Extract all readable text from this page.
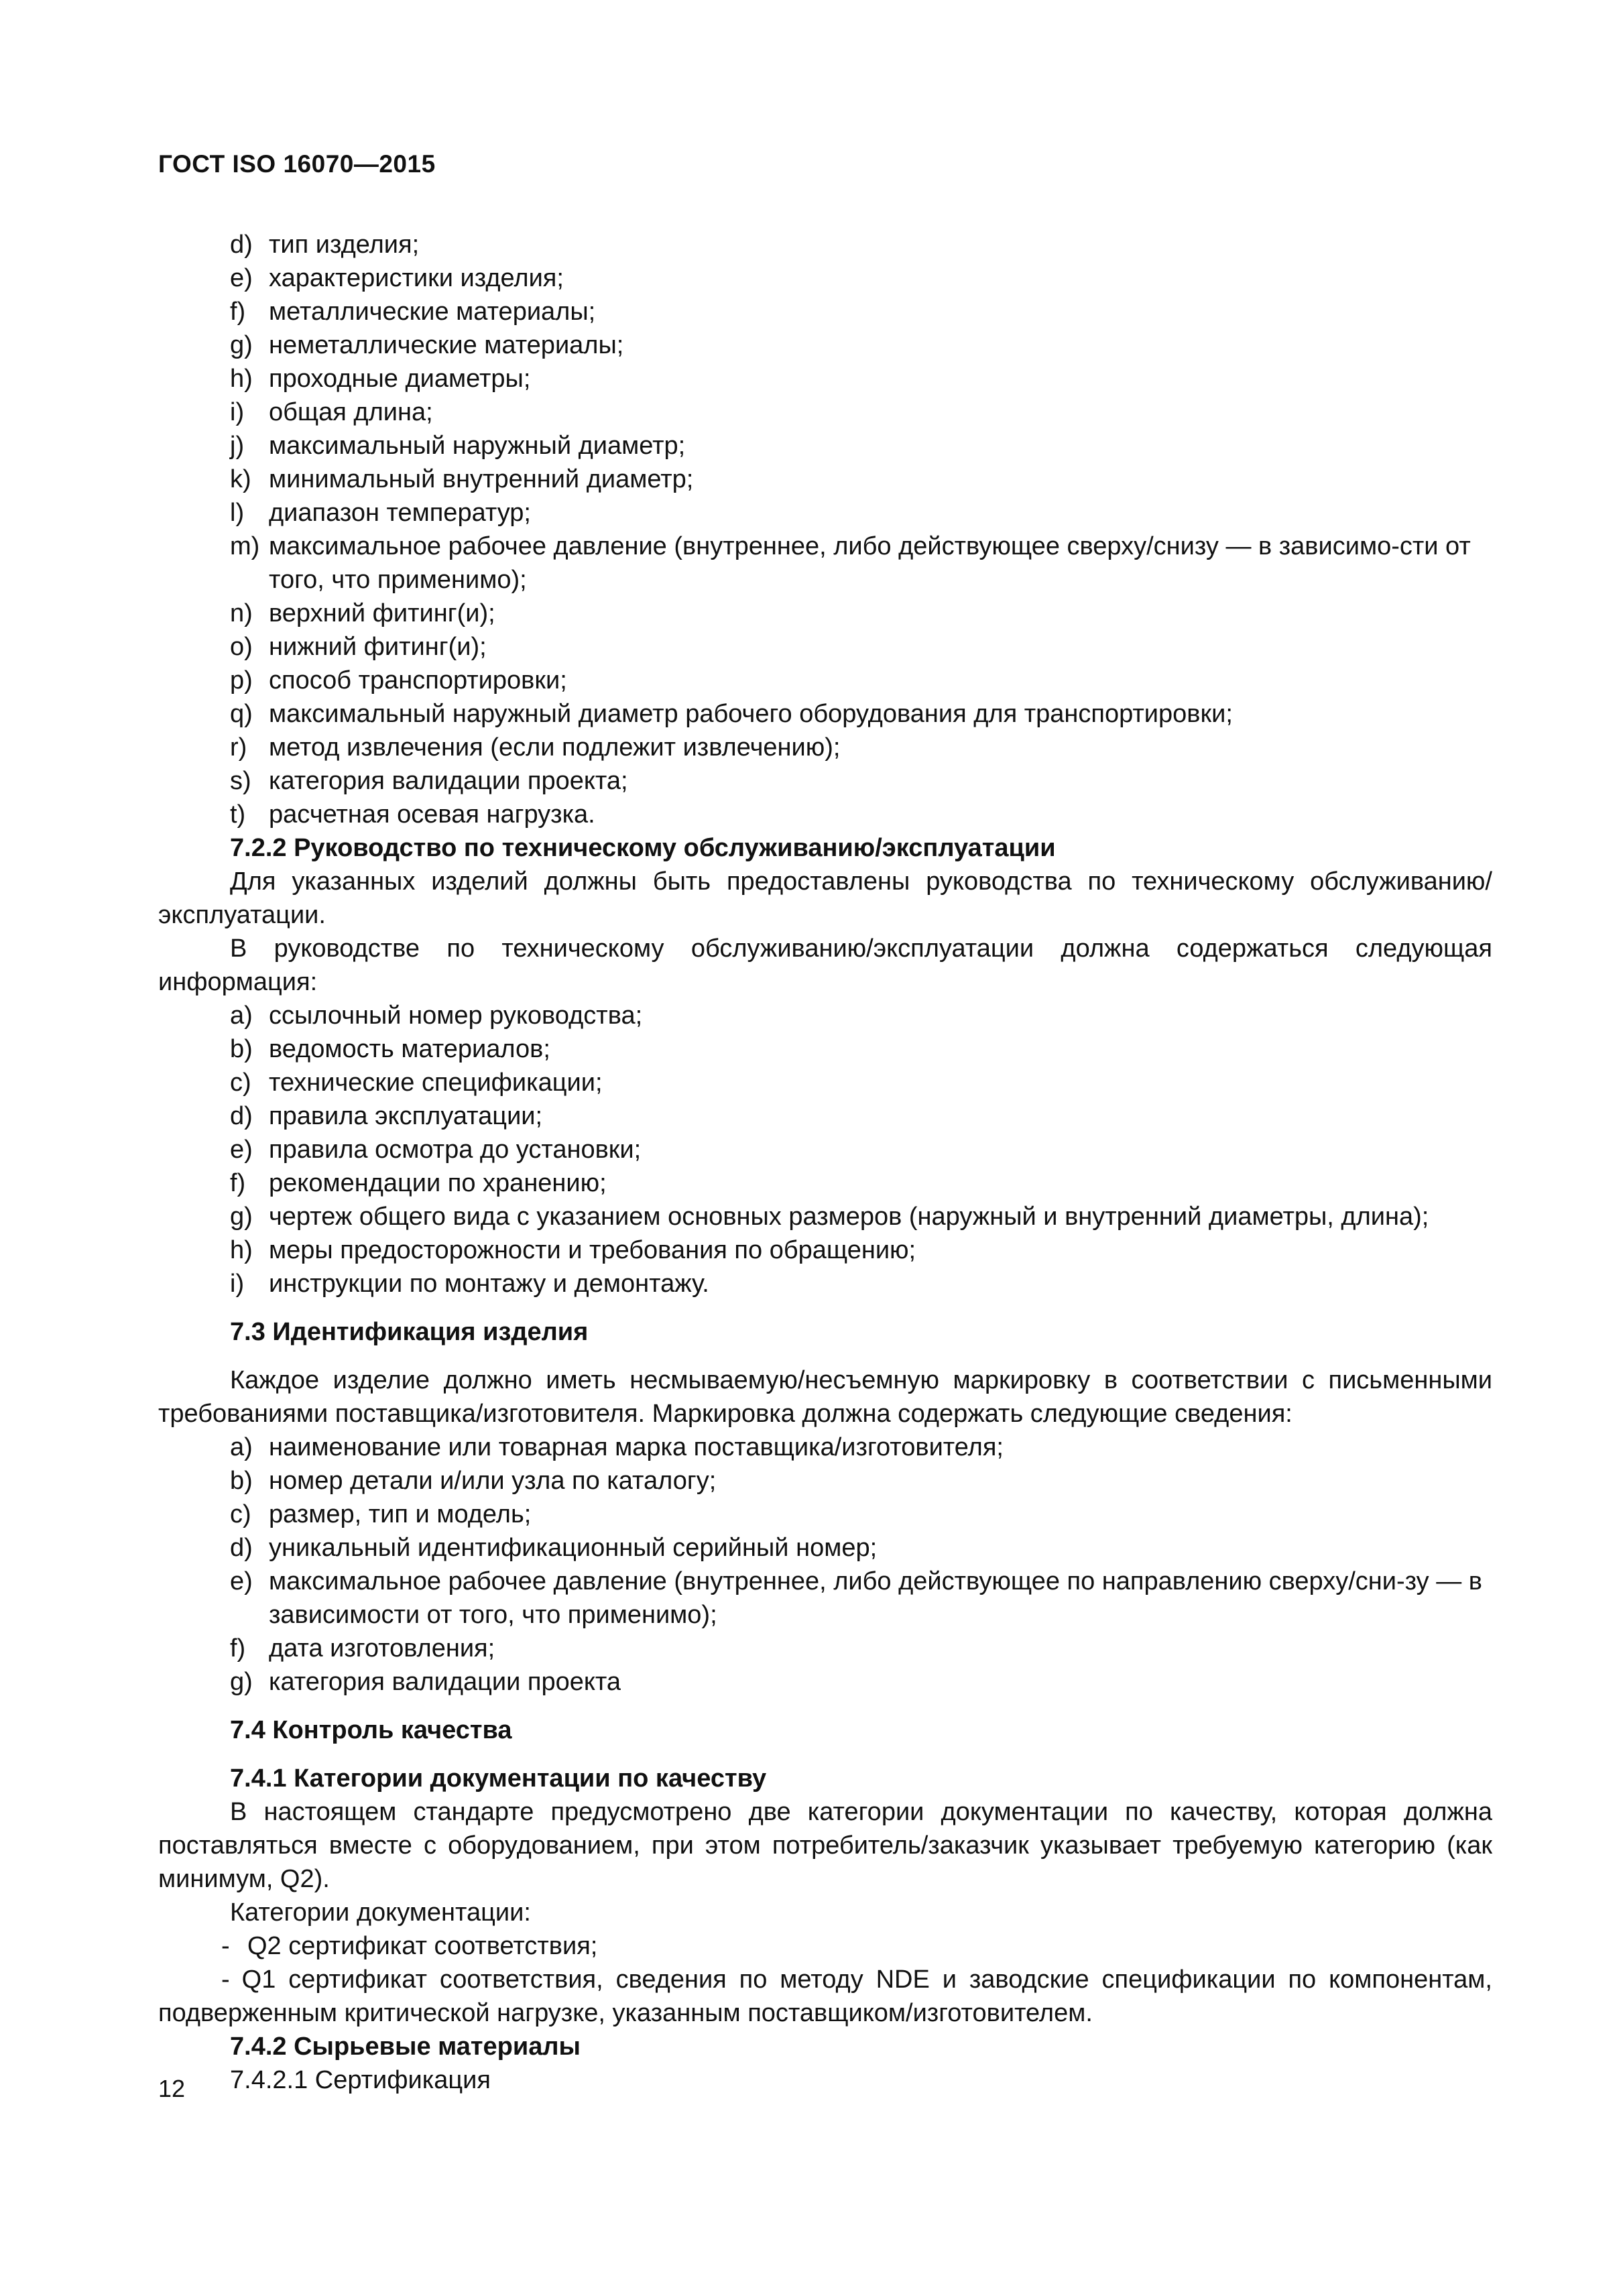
ГОСТ ISO 16070—2015

d) тип изделия;

e) характеристики изделия;

f) металлические материалы;

g) неметаллические материалы;

h) проходные диаметры;

i) общая длина;

j) максимальный наружный диаметр;

k) минимальный внутренний диаметр;

l) диапазон температур;

m) максимальное рабочее давление (внутреннее, либо действующее сверху/снизу — в зависимо-сти от того, что применимо);

n) верхний фитинг(и);

o) нижний фитинг(и);

p) способ транспортировки;

q) максимальный наружный диаметр рабочего оборудования для транспортировки;

r) метод извлечения (если подлежит извлечению);

s) категория валидации проекта;

t) расчетная осевая нагрузка.

7.2.2 Руководство по техническому обслуживанию/эксплуатации

Для указанных изделий должны быть предоставлены руководства по техническому обслуживанию/эксплуатации.

В руководстве по техническому обслуживанию/эксплуатации должна содержаться следующая информация:

a) ссылочный номер руководства;

b) ведомость материалов;

c) технические спецификации;

d) правила эксплуатации;

e) правила осмотра до установки;

f) рекомендации по хранению;

g) чертеж общего вида с указанием основных размеров (наружный и внутренний диаметры, длина);

h) меры предосторожности и требования по обращению;

i) инструкции по монтажу и демонтажу.

7.3 Идентификация изделия

Каждое изделие должно иметь несмываемую/несъемную маркировку в соответствии с письменными требованиями поставщика/изготовителя. Маркировка должна содержать следующие сведения:

a) наименование или товарная марка поставщика/изготовителя;

b) номер детали и/или узла по каталогу;

c) размер, тип и модель;

d) уникальный идентификационный серийный номер;

e) максимальное рабочее давление (внутреннее, либо действующее по направлению сверху/сни-зу — в зависимости от того, что применимо);

f) дата изготовления;

g) категория валидации проекта

7.4 Контроль качества

7.4.1 Категории документации по качеству

В настоящем стандарте предусмотрено две категории документации по качеству, которая должна поставляться вместе с оборудованием, при этом потребитель/заказчик указывает требуемую категорию (как минимум, Q2).

Категории документации:

- Q2 сертификат соответствия;

- Q1 сертификат соответствия, сведения по методу NDE и заводские спецификации по компонентам, подверженным критической нагрузке, указанным поставщиком/изготовителем.

7.4.2 Сырьевые материалы

7.4.2.1 Сертификация

12
